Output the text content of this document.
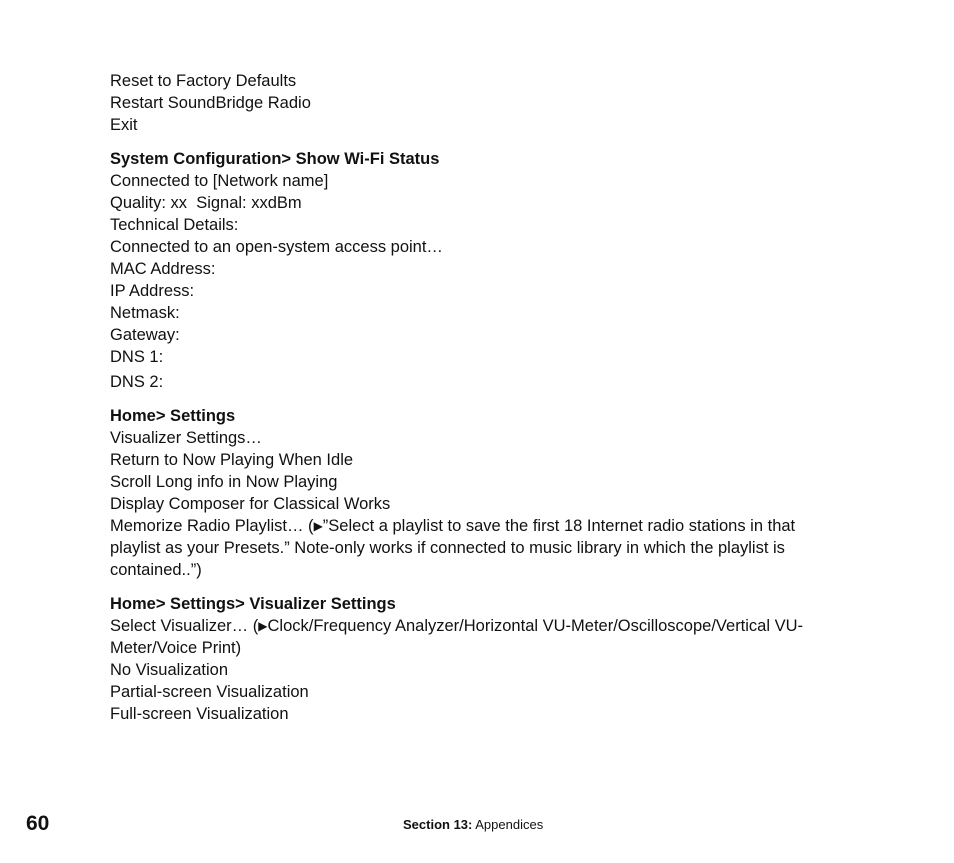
Reset to Factory Defaults
Restart SoundBridge Radio
Exit
System Configuration> Show Wi-Fi Status
Connected to [Network name]
Quality: xx  Signal: xxdBm
Technical Details:
Connected to an open-system access point…
MAC Address:
IP Address:
Netmask:
Gateway:
DNS 1:
DNS 2:
Home> Settings
Visualizer Settings…
Return to Now Playing When Idle
Scroll Long info in Now Playing
Display Composer for Classical Works
Memorize Radio Playlist… (▶”Select a playlist to save the first 18 Internet radio stations in that playlist as your Presets.” Note-only works if connected to music library in which the playlist is contained..”)
Home> Settings> Visualizer Settings
Select Visualizer… (▶Clock/Frequency Analyzer/Horizontal VU-Meter/Oscilloscope/Vertical VU-Meter/Voice Print)
No Visualization
Partial-screen Visualization
Full-screen Visualization
60	Section 13: Appendices
